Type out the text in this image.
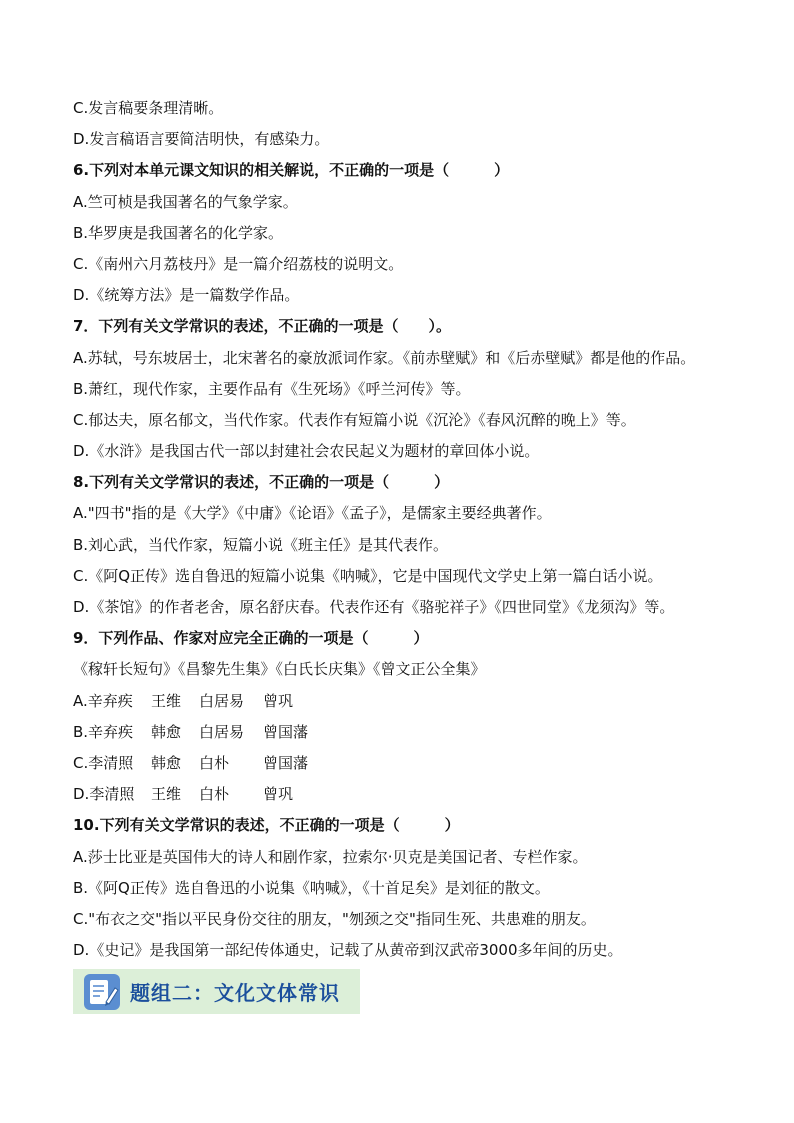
C.发言稿要条理清晰。
D.发言稿语言要简洁明快，有感染力。
6.下列对本单元课文知识的相关解说，不正确的一项是（　　　）
A.竺可桢是我国著名的气象学家。
B.华罗庚是我国著名的化学家。
C.《南州六月荔枝丹》是一篇介绍荔枝的说明文。
D.《统筹方法》是一篇数学作品。
7．下列有关文学常识的表述，不正确的一项是（　　）。
A.苏轼，号东坡居士，北宋著名的豪放派词作家。《前赤壁赋》和《后赤壁赋》都是他的作品。
B.萧红，现代作家，主要作品有《生死场》《呼兰河传》等。
C.郁达夫，原名郁文，当代作家。代表作有短篇小说《沉沦》《春风沉醉的晚上》等。
D.《水浒》是我国古代一部以封建社会农民起义为题材的章回体小说。
8.下列有关文学常识的表述，不正确的一项是（　　　）
A."四书"指的是《大学》《中庸》《论语》《孟子》，是儒家主要经典著作。
B.刘心武，当代作家，短篇小说《班主任》是其代表作。
C.《阿Q正传》选自鲁迅的短篇小说集《呐喊》，它是中国现代文学史上第一篇白话小说。
D.《茶馆》的作者老舍，原名舒庆春。代表作还有《骆驼祥子》《四世同堂》《龙须沟》等。
9．下列作品、作家对应完全正确的一项是（　　　）
《稼轩长短句》《昌黎先生集》《白氏长庆集》《曾文正公全集》
A.辛弃疾 王维 白居易 曾巩
B.辛弃疾 韩愈 白居易 曾国藩
C.李清照 韩愈 白朴 曾国藩
D.李清照 王维 白朴 曾巩
10.下列有关文学常识的表述，不正确的一项是（　　　）
A.莎士比亚是英国伟大的诗人和剧作家，拉索尔·贝克是美国记者、专栏作家。
B.《阿Q正传》选自鲁迅的小说集《呐喊》，《十首足矣》是刘征的散文。
C."布衣之交"指以平民身份交往的朋友，"刎颈之交"指同生死、共患难的朋友。
D.《史记》是我国第一部纪传体通史，记载了从黄帝到汉武帝3000多年间的历史。
题组二：文化文体常识
